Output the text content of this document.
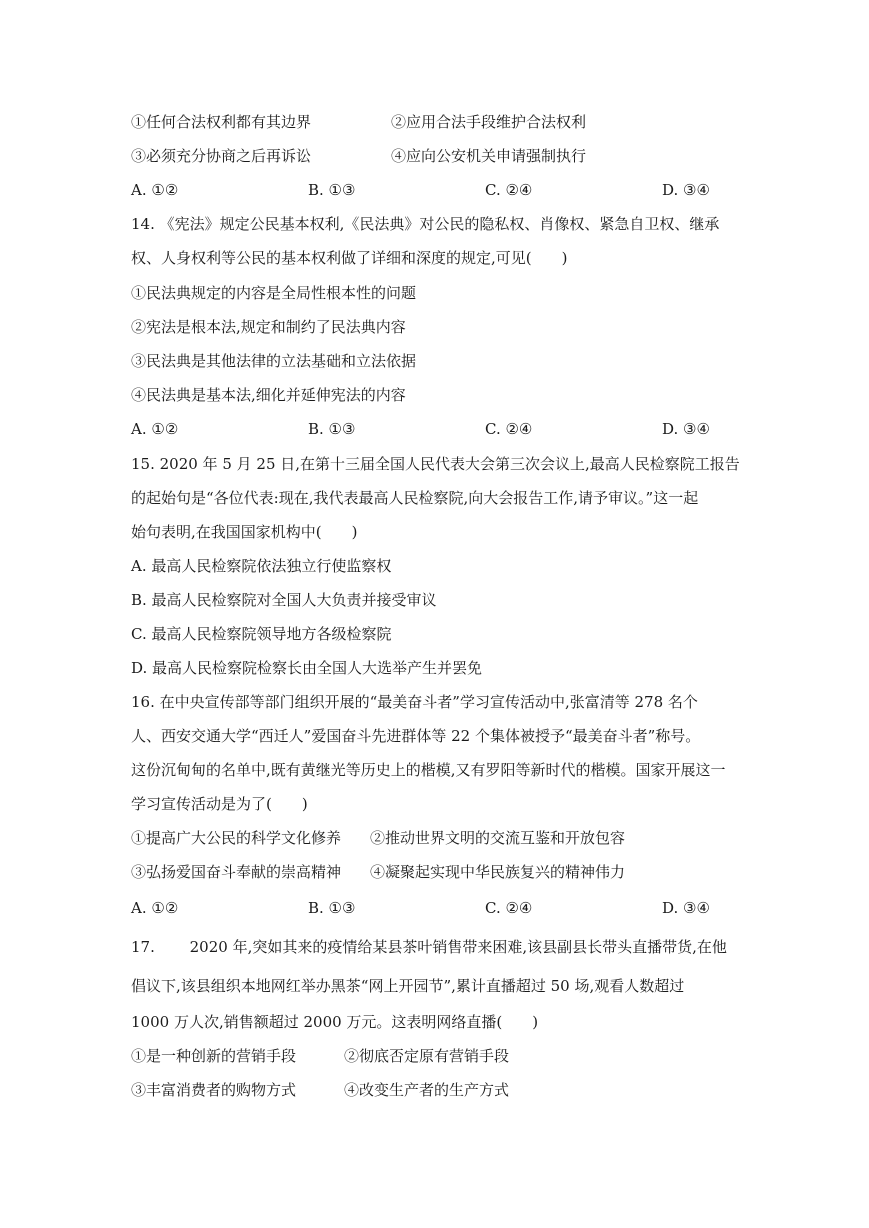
①任何合法权利都有其边界	②应用合法手段维护合法权利
③必须充分协商之后再诉讼	④应向公安机关申请强制执行
A. ①②	B. ①③	C. ②④	D. ③④
14. 《宪法》规定公民基本权利,《民法典》对公民的隐私权、肖像权、紧急自卫权、继承
权、人身权利等公民的基本权利做了详细和深度的规定,可见(　　)
①民法典规定的内容是全局性根本性的问题
②宪法是根本法,规定和制约了民法典内容
③民法典是其他法律的立法基础和立法依据
④民法典是基本法,细化并延伸宪法的内容
A. ①②	B. ①③	C. ②④	D. ③④
15. 2020 年 5 月 25 日,在第十三届全国人民代表大会第三次会议上,最高人民检察院工报告
的起始句是“各位代表:现在,我代表最高人民检察院,向大会报告工作,请予审议。”这一起
始句表明,在我国国家机构中(　　)
A. 最高人民检察院依法独立行使监察权
B. 最高人民检察院对全国人大负责并接受审议
C. 最高人民检察院领导地方各级检察院
D. 最高人民检察院检察长由全国人大选举产生并罢免
16. 在中央宣传部等部门组织开展的“最美奋斗者”学习宣传活动中,张富清等 278 名个
人、西安交通大学“西迁人”爱国奋斗先进群体等 22 个集体被授予“最美奋斗者”称号。
这份沉甸甸的名单中,既有黄继光等历史上的楷模,又有罗阳等新时代的楷模。国家开展这一
学习宣传活动是为了(　　)
①提高广大公民的科学文化修养 ②推动世界文明的交流互鉴和开放包容
③弘扬爱国奋斗奉献的崇高精神 ④凝聚起实现中华民族复兴的精神伟力
A. ①②	B. ①③	C. ②④	D. ③④
17.　　 2020 年,突如其来的疫情给某县茶叶销售带来困难,该县副县长带头直播带货,在他
倡议下,该县组织本地网红举办黑茶“网上开园节”,累计直播超过 50 场,观看人数超过
1000 万人次,销售额超过 2000 万元。这表明网络直播(　　)
①是一种创新的营销手段	②彻底否定原有营销手段
③丰富消费者的购物方式	④改变生产者的生产方式
